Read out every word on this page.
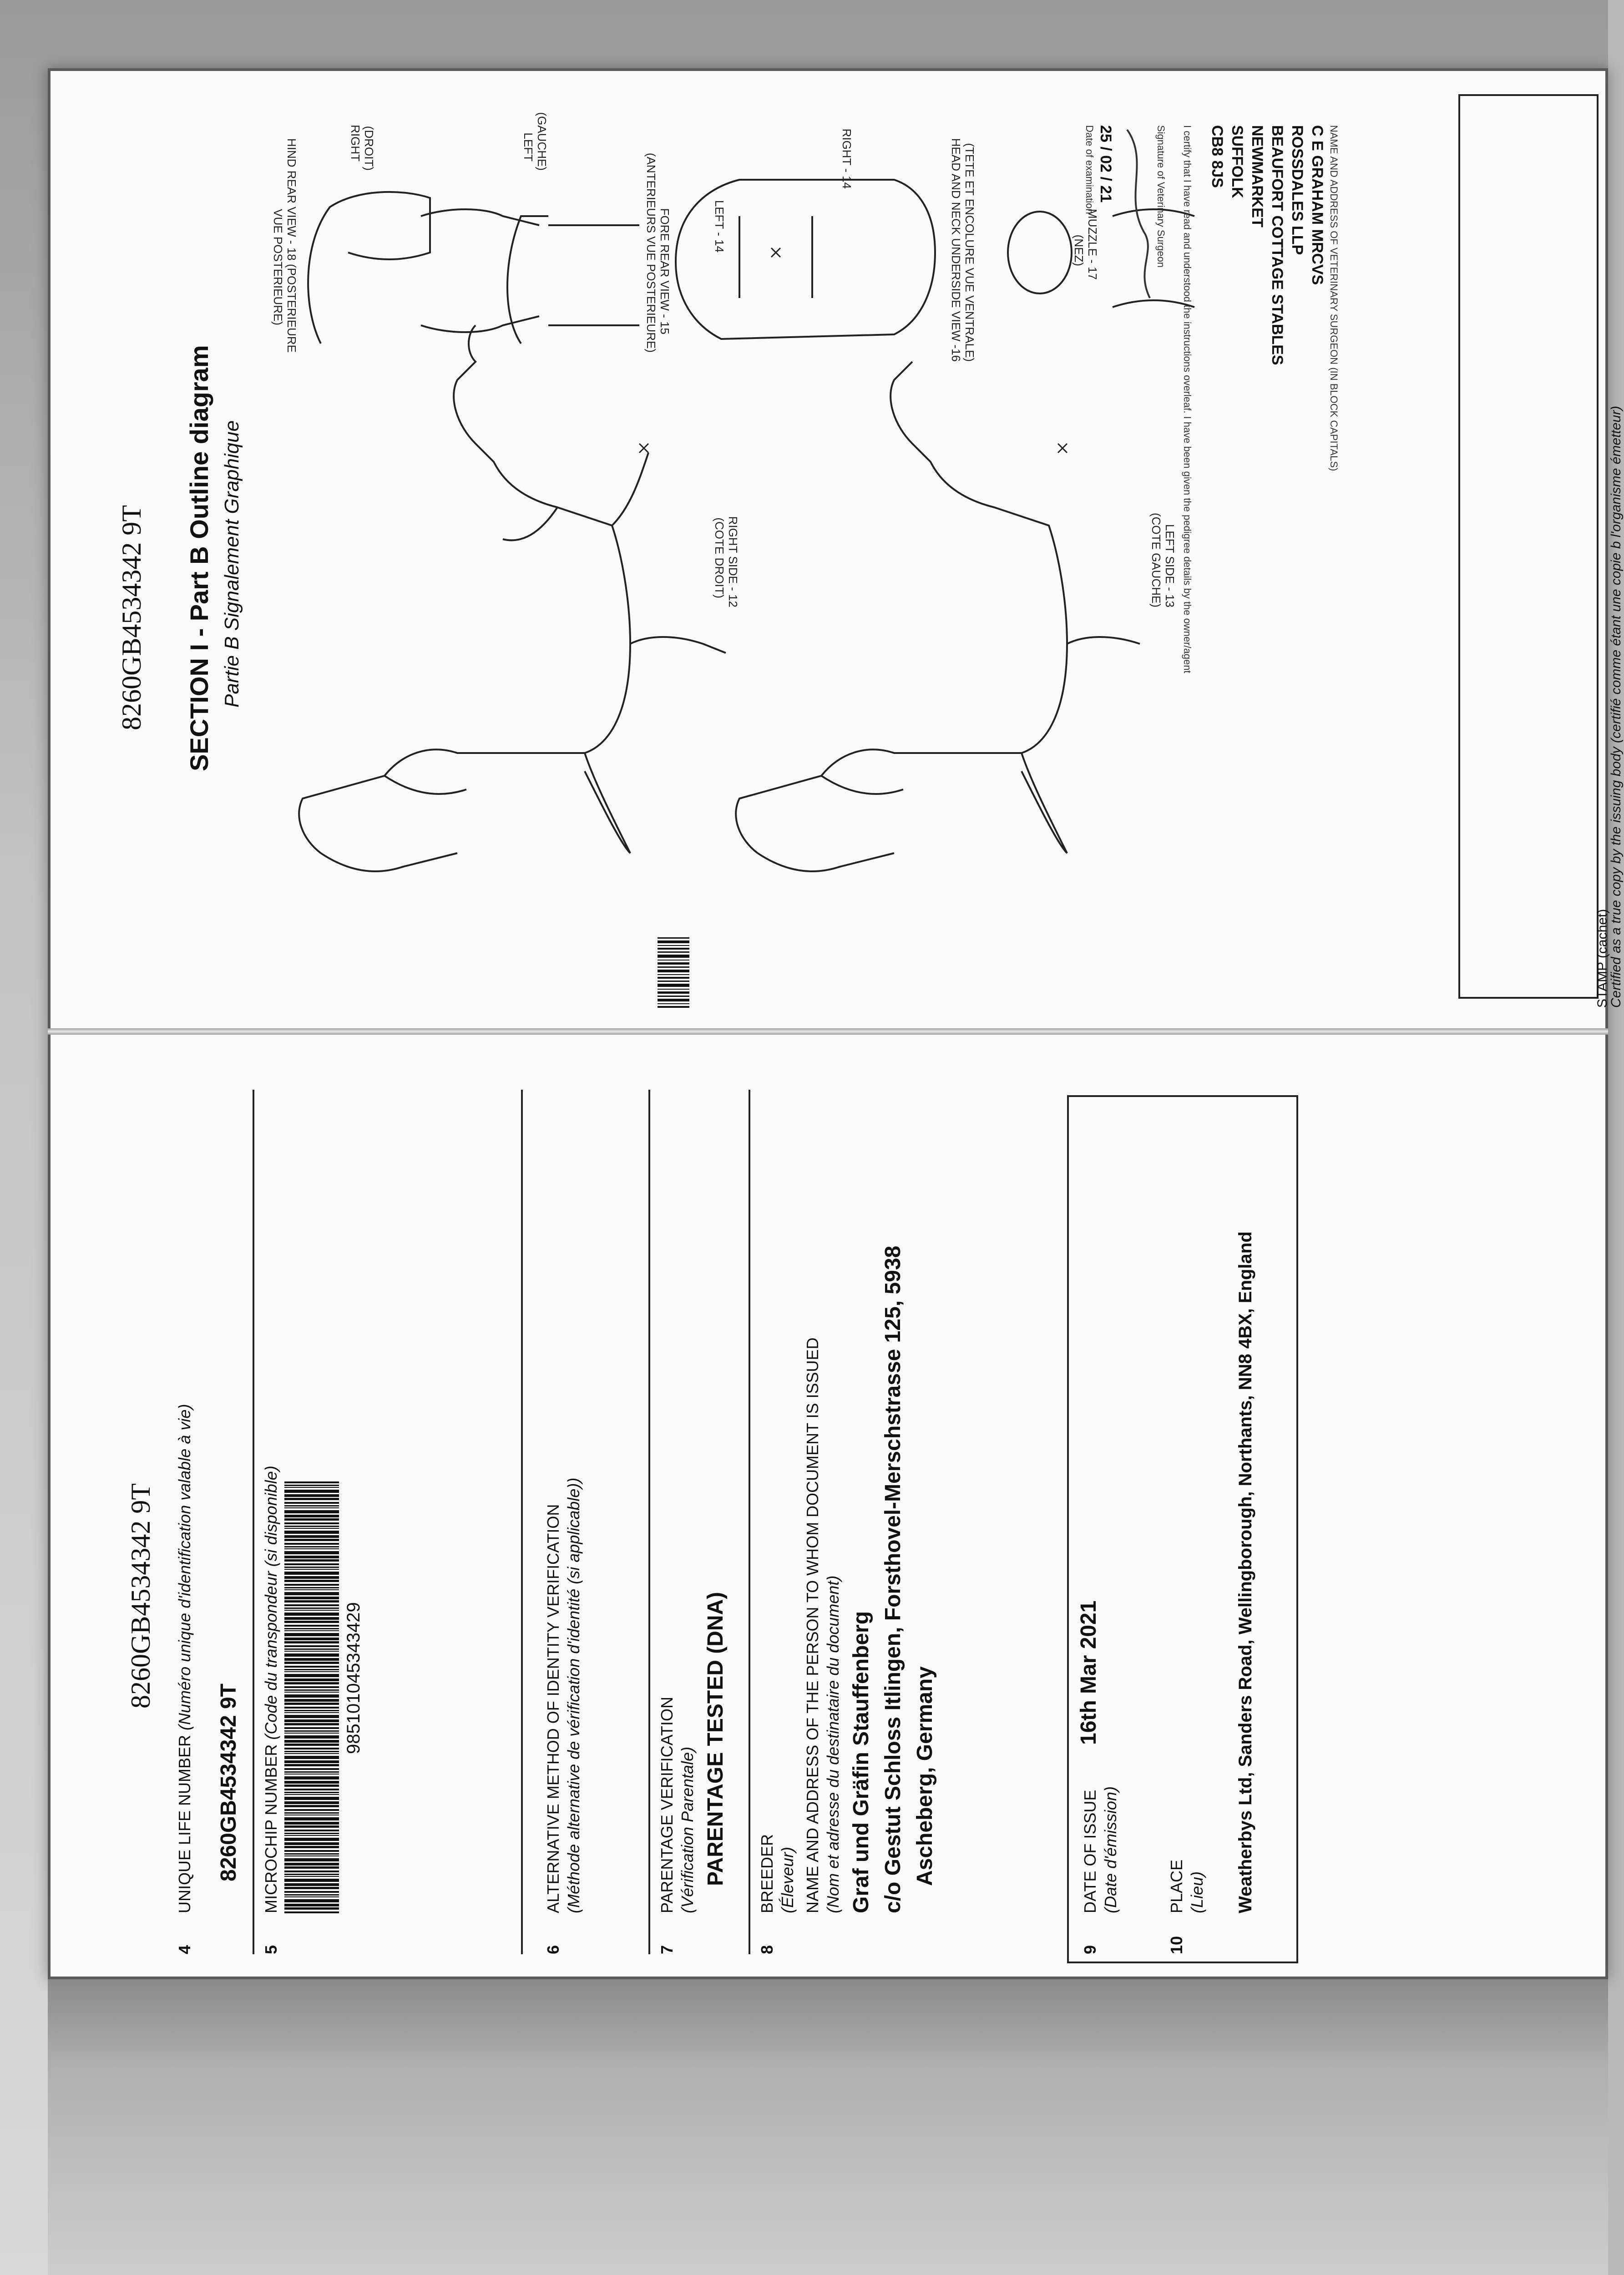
8260GB4534342 9T SECTION I - Part B Outline diagram Partie B Signalement Graphique	RIGHT SIDE - 12
(COTE DROIT)	LEFT SIDE - 13
(COTE GAUCHE)
HIND REAR VIEW - 18 (POSTERIEURE
VUE POSTERIEURE)	FORE REAR VIEW - 15
(ANTERIEURS VUE POSTERIEURE)	MUZZLE - 17
(NEZ)
HEAD AND NECK UNDERSIDE VIEW -16 (TETE ET ENCOLURE VUE VENTRALE)
LEFT (GAUCHE)
RIGHT (DROIT)
LEFT - 14
RIGHT - 14	NAME AND ADDRESS OF VETERINARY SURGEON (IN BLOCK CAPITALS)
C E GRAHAM MRCVS
ROSSDALES LLP
BEAUFORT COTTAGE STABLES
NEWMARKET
SUFFOLK
CB8 8JS
I certify that I have read and understood the instructions overleaf. I have been given the pedigree details by the owner/agent
Signature of Veterinary Surgeon
25 / 02 / 21
Date of examination
STAMP (cachet)
Certified as a true copy by the issuing body (certifié comme étant une copie b l'organisme émetteur)
8260GB4534342 9T
4
UNIQUE LIFE NUMBER (Numéro unique d'identification valable à vie)
8260GB4534342 9T
5
MICROCHIP NUMBER (Code du transpondeur (si disponible)	985101045343429
6
ALTERNATIVE METHOD OF IDENTITY VERIFICATION (Méthode alternative de vérification d'identité (si applicable))
7
PARENTAGE VERIFICATION (Vérification Parentale) PARENTAGE TESTED (DNA)
8
BREEDER (Éleveur) NAME AND ADDRESS OF THE PERSON TO WHOM DOCUMENT IS ISSUED (Nom et adresse du destinataire du document) Graf und Gräfin Stauffenberg c/o Gestut Schloss Itlingen, Forsthovel-Merschstrasse 125, 5938 Ascheberg, Germany
9
DATE OF ISSUE (Date d'émission)
16th Mar 2021
10
PLACE (Lieu) Weatherbys Ltd, Sanders Road, Wellingborough, Northants, NN8 4BX, England
